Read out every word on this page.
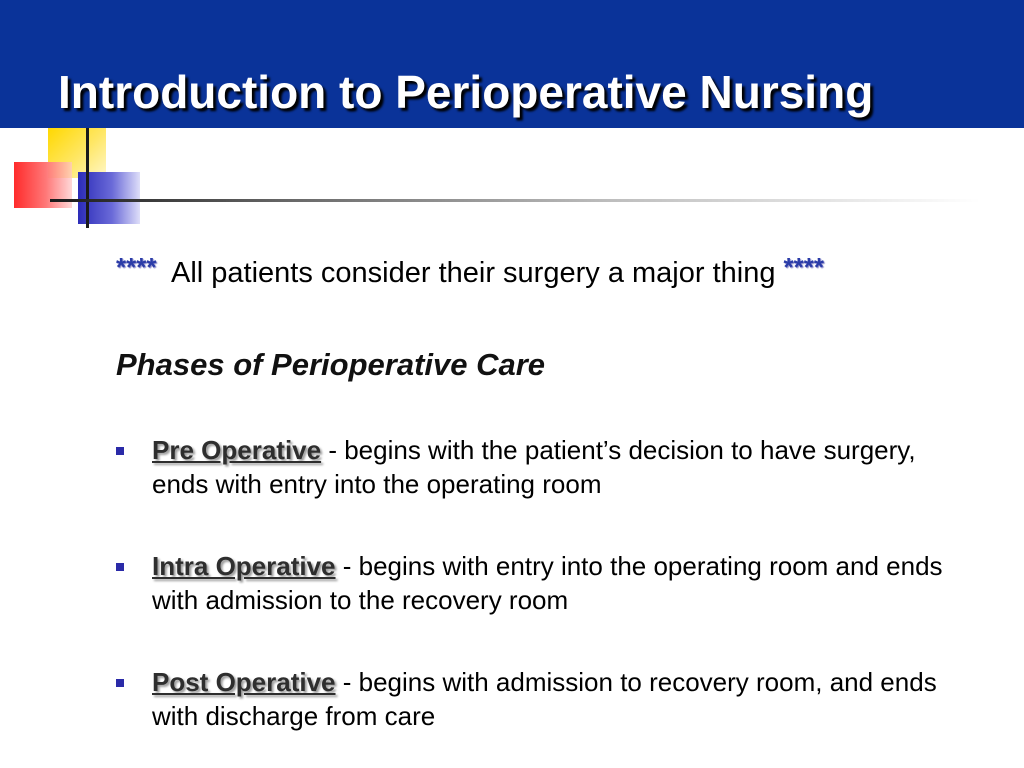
Introduction to Perioperative Nursing
**** All patients consider their surgery a major thing ****
Phases of Perioperative Care
Pre Operative - begins with the patient’s decision to have surgery, ends with entry into the operating room
Intra Operative - begins with entry into the operating room and ends with admission to the recovery room
Post Operative - begins with admission to recovery room, and ends with discharge from care
